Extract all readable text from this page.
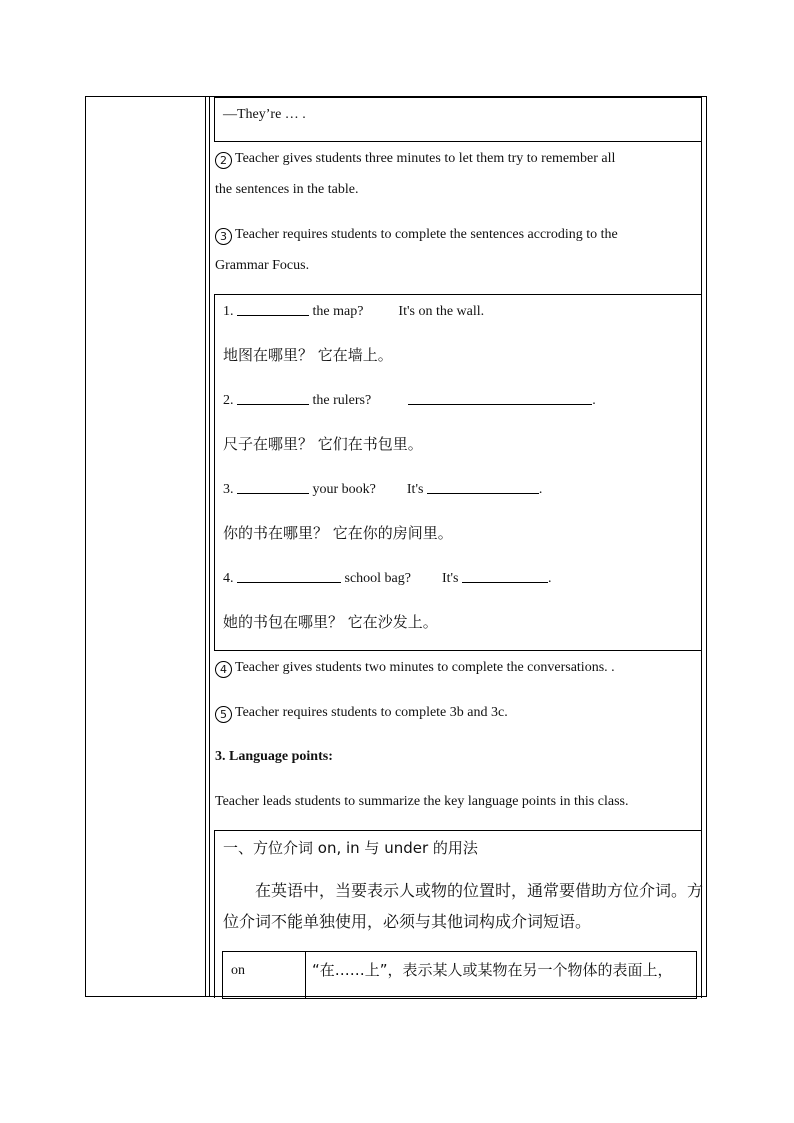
—They’re … .
2 Teacher gives students three minutes to let them try to remember all
the sentences in the table.
3 Teacher requires students to complete the sentences accroding to the
Grammar Focus.
1.	the map?	It's on the wall.
地图在哪里？ 它在墙上。
2.	the rulers?	.
尺子在哪里？ 它们在书包里。
3.	your book? It's	.
你的书在哪里？ 它在你的房间里。
4.	school bag? It's	.
她的书包在哪里？ 它在沙发上。
4 Teacher gives students two minutes to complete the conversations. .
5 Teacher requires students to complete 3b and 3c.
3. Language points:
Teacher leads students to summarize the key language points in this class.
一、方位介词 on, in 与 under 的用法
在英语中，当要表示人或物的位置时，通常要借助方位介词。方
位介词不能单独使用，必须与其他词构成介词短语。
on	“在……上”，表示某人或某物在另一个物体的表面上，
